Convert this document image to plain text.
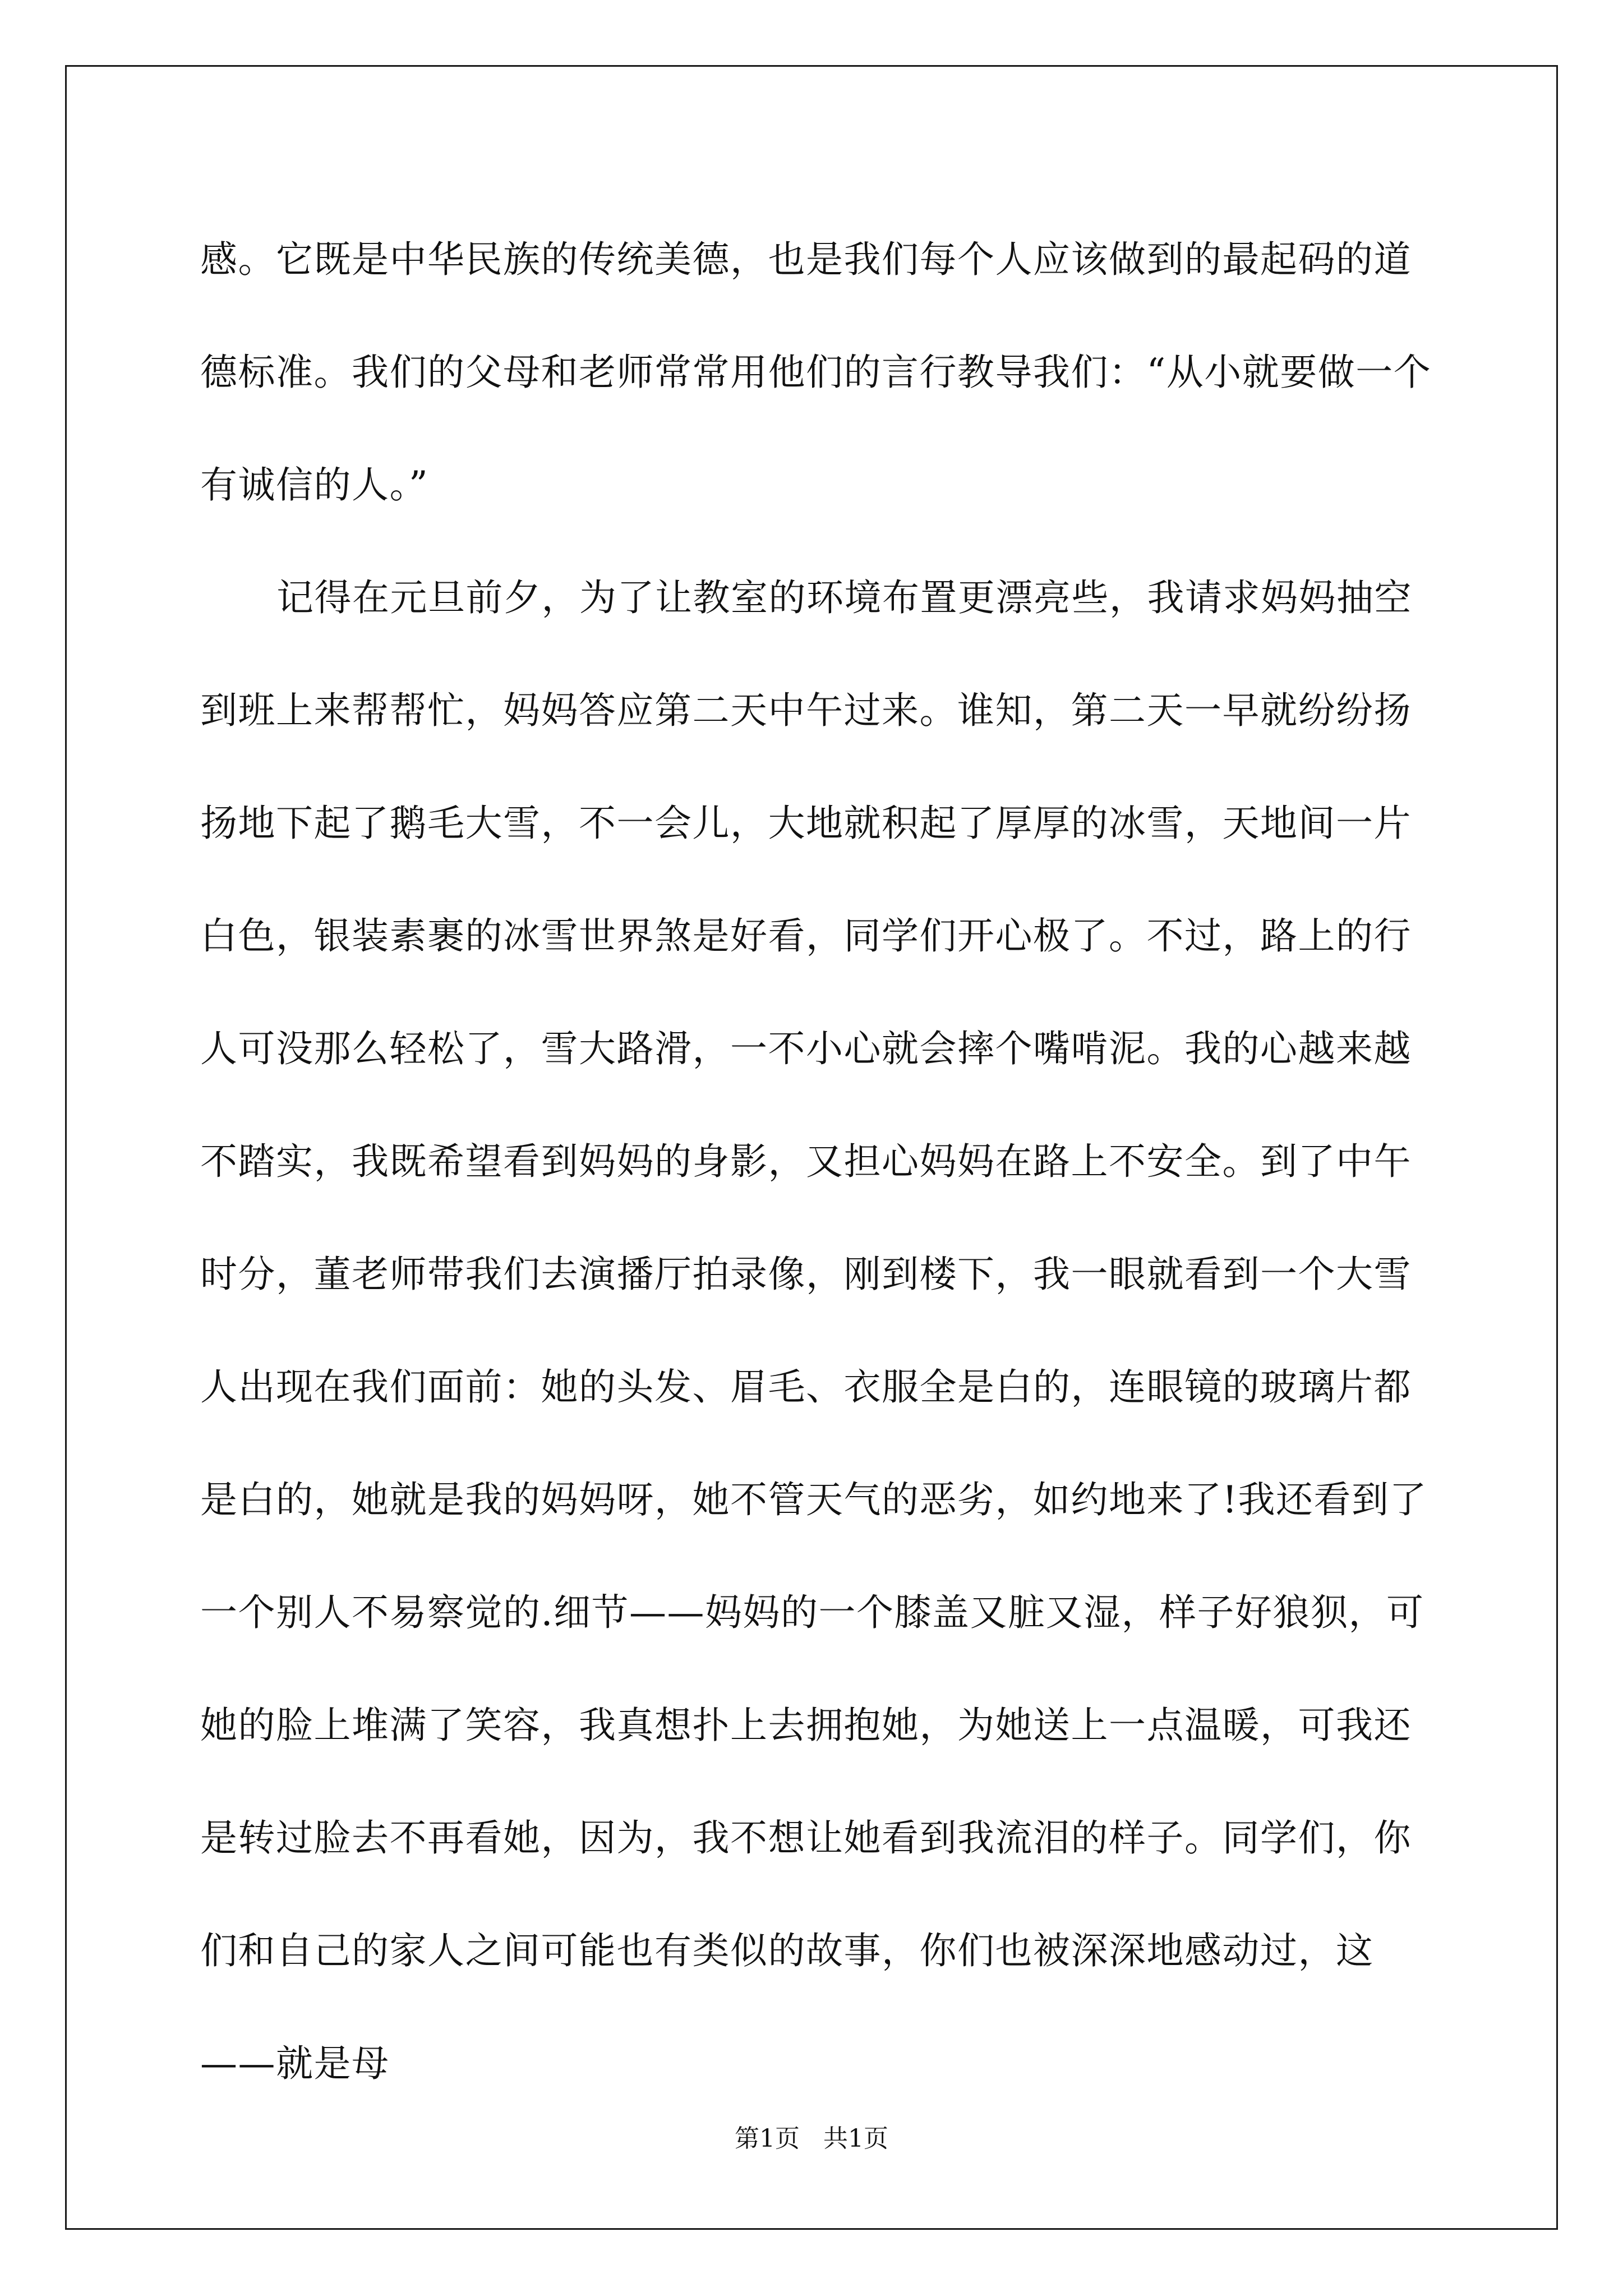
感。它既是中华民族的传统美德，也是我们每个人应该做到的最起码的道德标准。我们的父母和老师常常用他们的言行教导我们：“从小就要做一个有诚信的人。”

记得在元旦前夕，为了让教室的环境布置更漂亮些，我请求妈妈抽空到班上来帮帮忙，妈妈答应第二天中午过来。谁知，第二天一早就纷纷扬扬地下起了鹅毛大雪，不一会儿，大地就积起了厚厚的冰雪，天地间一片白色，银装素裹的冰雪世界煞是好看，同学们开心极了。不过，路上的行人可没那么轻松了，雪大路滑，一不小心就会摔个嘴啃泥。我的心越来越不踏实，我既希望看到妈妈的身影，又担心妈妈在路上不安全。到了中午时分，董老师带我们去演播厅拍录像，刚到楼下，我一眼就看到一个大雪人出现在我们面前：她的头发、眉毛、衣服全是白的，连眼镜的玻璃片都是白的，她就是我的妈妈呀，她不管天气的恶劣，如约地来了!我还看到了一个别人不易察觉的.细节——妈妈的一个膝盖又脏又湿，样子好狼狈，可她的脸上堆满了笑容，我真想扑上去拥抱她，为她送上一点温暖，可我还是转过脸去不再看她，因为，我不想让她看到我流泪的样子。同学们，你们和自己的家人之间可能也有类似的故事，你们也被深深地感动过，这——就是母

第1页   共1页
